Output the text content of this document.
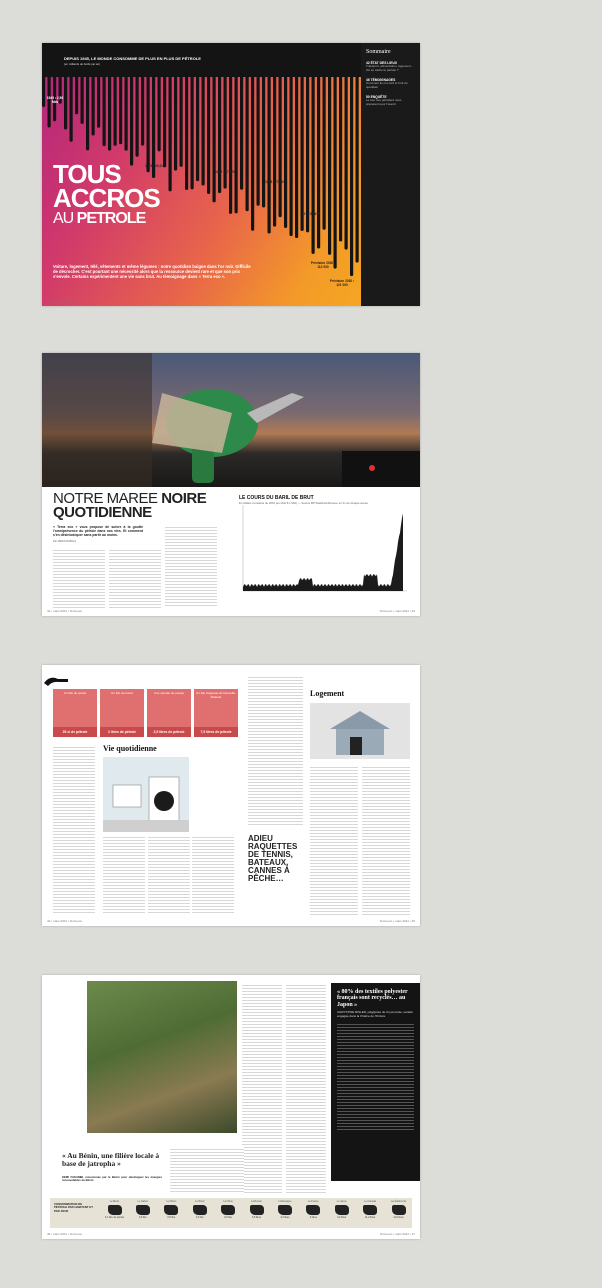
DEPUIS 1945, LE MONDE CONSOMME DE PLUS EN PLUS DE PÉTROLE
(en milliards de barils par an)
1945 • 2,59 Mds
1973 • 20,11
1982 • 47 625
1998 • 77 500
2007 • 83 619
Prévision 2030 • 112 000
Prévision 2030 • 121 000
TOUS
ACCROS
AU PETROLE
Voiture, logement, télé, vêtements et même légumes : notre quotidien baigne dans l'or noir. Difficile de décrocher. C'est pourtant une nécessité alors que la ressource devient rare et que son prix s'envole. Certains expérimentent une vie sans brut. Au témoignage dans « Terra eco ».
Sommaire
42 ÉTAT DES LIEUX
Transport, alimentation, logement… Où se cache le pétrole ?
46 TÉMOIGNAGES
Comment ils ont sorti le brut du quotidien
50 ENQUÊTE
Le tour des pétroliers nous préparent pour l'avenir
40 • mars 2011 • Terra eco
NOTRE MAREE NOIRE
QUOTIDIENNE
« Terra eco » vous propose de suivre à la goutte l'omniprésence du pétrole dans nos vies. Et comment s'en désintoxiquer sans partir au moins.
Par DENIS ROBLIQ
LE COURS DU BARIL DE BRUT
En dollars constants de 2010 (en Mds $ 1 962) — Source BP Statistical Review, en fin de chaque année.
42 • mars 2011 • Terra eco	Terra eco • mars 2011 • 43
Un kilo de poulet
25 cl de pétrole
Un kilo de boeuf
2 litres de pétrole
Une canette de poulpe
2,5 litres de pétrole
Un kilo d'agneau de Nouvelle-Zélande
7,9 litres de pétrole
Vie quotidienne
ADIEU RAQUETTES DE TENNIS, BATEAUX, CANNES À PÊCHE…
Logement
44 • mars 2011 • Terra eco	Terra eco • mars 2011 • 45
« Au Bénin, une filière locale à base de jatropha »
KEMI FAKAMBI, missionnée par le Bénin pour développer les énergies renouvelables au Bénin
« 80% des textiles polyester français sont recyclés… au Japon »
CHRYSTINE RISLER, pdg/gérée de Cryomonde, société engagée dans la Chaîne de l'Ordure
CONSOMMATION DE PÉTROLE PAR HABITANT ET PAR JOUR
Le Bénin
0,1 litre de pétrole
Le Gabon
0,6 litre
Le Maroc
0,5 litre
Le Brésil
1,5 litre
La Chine
0,9 litre
La Russie
3,5 litres
L'Allemagne
4,2 litres
La France
4 litres
Le Japon
4,2 litres
Le Canada
11,2 litres
Les États-Unis
11,6 litres
46 • mars 2011 • Terra eco	Terra eco • mars 2011 • 47
